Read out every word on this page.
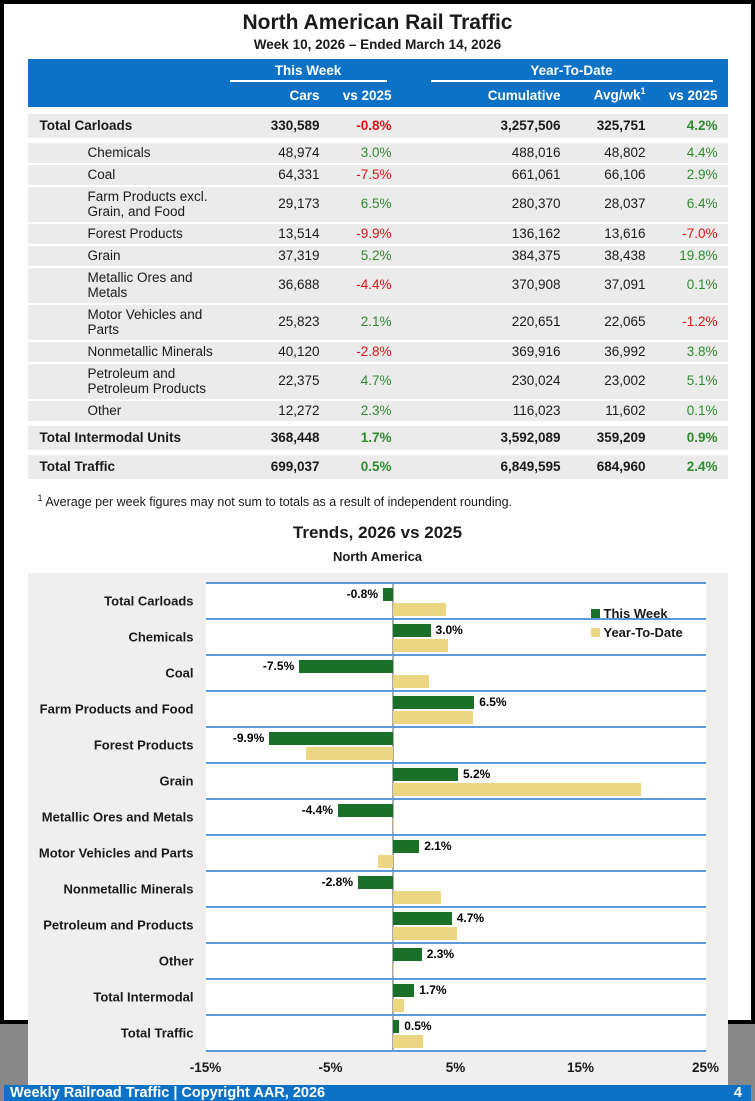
North American Rail Traffic
Week 10, 2026 – Ended March 14, 2026
This Week	Year-To-Date
Cars	vs 2025	Cumulative	Avg/$wk^1$	vs 2025
Total Carloads	330,589	-0.8%	3,257,506	325,751	4.2%
Chemicals	48,974	3.0%	488,016	48,802	4.4%
Coal	64,331	-7.5%	661,061	66,106	2.9%
Farm Products excl. Grain, and Food	29,173	6.5%	280,370	28,037	6.4%
Forest Products	13,514	-9.9%	136,162	13,616	-7.0%
Grain	37,319	5.2%	384,375	38,438	19.8%
Metallic Ores and Metals	36,688	-4.4%	370,908	37,091	0.1%
Motor Vehicles and Parts	25,823	2.1%	220,651	22,065	-1.2%
Nonmetallic Minerals	40,120	-2.8%	369,916	36,992	3.8%
Petroleum and Petroleum Products	22,375	4.7%	230,024	23,002	5.1%
Other	12,272	2.3%	116,023	11,602	0.1%
Total Intermodal Units	368,448	1.7%	3,592,089	359,209	0.9%
Total Traffic	699,037	0.5%	6,849,595	684,960	2.4%
$^1$ Average per week figures may not sum to totals as a result of independent rounding.
Trends, 2026 vs 2025
North America
This Week
Year-To-Date
Total Carloads	-0.8%
Chemicals	3.0%
Coal	-7.5%
Farm Products and Food	6.5%
Forest Products	-9.9%
Grain	5.2%
Metallic Ores and Metals	-4.4%
Motor Vehicles and Parts	2.1%
Nonmetallic Minerals	-2.8%
Petroleum and Products	4.7%
Other	2.3%
Total Intermodal	1.7%
Total Traffic	0.5%
-15%	-5%	5%	15%	25%
Weekly Railroad Traffic | Copyright AAR, 2026	4
